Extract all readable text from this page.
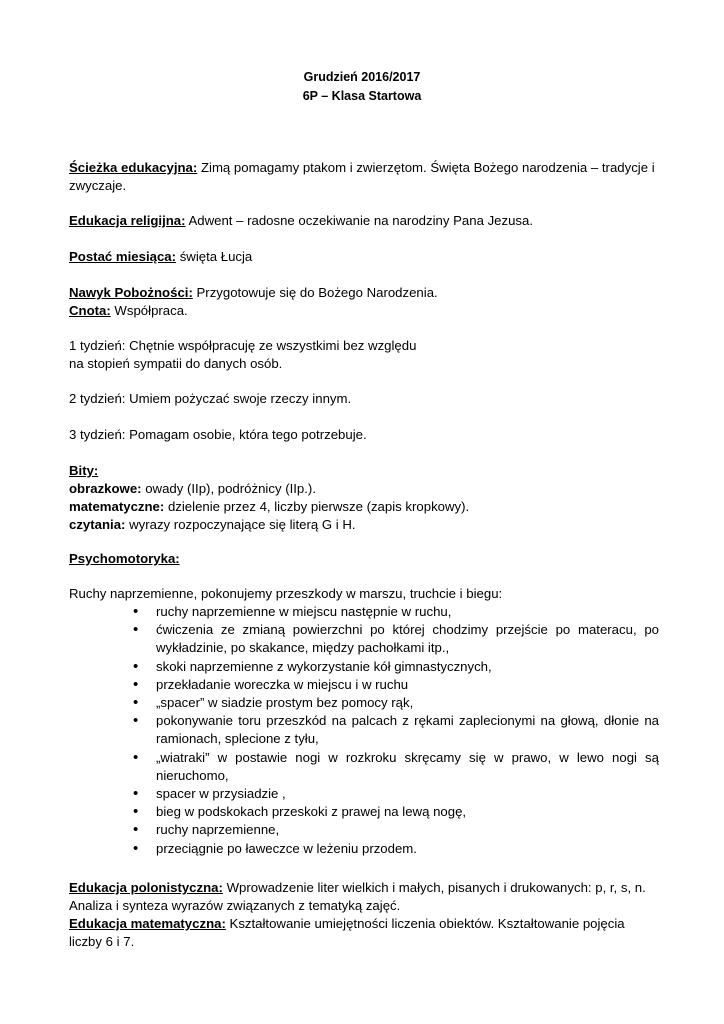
Grudzień 2016/2017
6P – Klasa Startowa
Ścieżka edukacyjna: Zimą pomagamy ptakom i zwierzętom. Święta Bożego narodzenia – tradycje i
zwyczaje.
Edukacja religijna: Adwent – radosne oczekiwanie na narodziny Pana Jezusa.
Postać miesiąca: święta Łucja
Nawyk Pobożności: Przygotowuje się do Bożego Narodzenia.
Cnota: Współpraca.
1 tydzień: Chętnie współpracuję ze wszystkimi bez względu
na stopień sympatii do danych osób.
2 tydzień: Umiem pożyczać swoje rzeczy innym.
3 tydzień: Pomagam osobie, która tego potrzebuje.
Bity:
obrazkowe: owady (IIp), podróżnicy (IIp.).
matematyczne: dzielenie przez 4, liczby pierwsze (zapis kropkowy).
czytania: wyrazy rozpoczynające się literą G i H.
Psychomotoryka:
Ruchy naprzemienne, pokonujemy przeszkody w marszu, truchcie i biegu:
• ruchy naprzemienne w miejscu następnie w ruchu,
• ćwiczenia ze zmianą powierzchni po której chodzimy przejście po materacu, po wykładzinie, po skakance, między pachołkami itp.,
• skoki naprzemienne z wykorzystanie kół gimnastycznych,
• przekładanie woreczka w miejscu i w ruchu
• „spacer” w siadzie prostym bez pomocy rąk,
• pokonywanie toru przeszkód na palcach z rękami zaplecionymi na głową, dłonie na ramionach, splecione z tyłu,
• „wiatraki” w postawie nogi w rozkroku skręcamy się w prawo, w lewo nogi są nieruchomo,
• spacer w przysiadzie ,
• bieg w podskokach przeskoki z prawej na lewą nogę,
• ruchy naprzemienne,
• przeciągnie po ławeczce w leżeniu przodem.
Edukacja polonistyczna: Wprowadzenie liter wielkich i małych, pisanych i drukowanych: p, r, s, n.
Analiza i synteza wyrazów związanych z tematyką zajęć.
Edukacja matematyczna: Kształtowanie umiejętności liczenia obiektów. Kształtowanie pojęcia
liczby 6 i 7.
